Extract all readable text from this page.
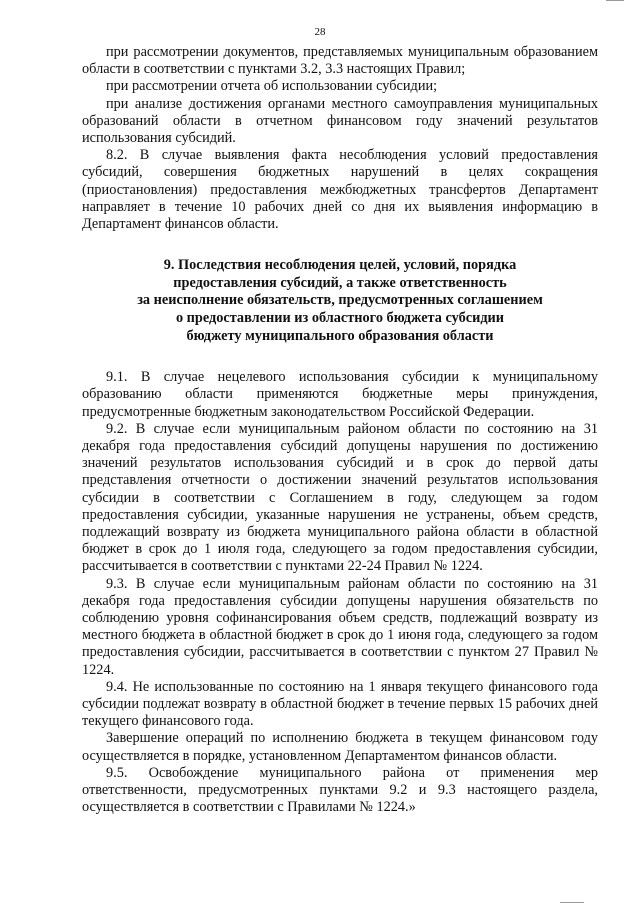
28

при рассмотрении документов, представляемых муниципальным образованием области в соответствии с пунктами 3.2, 3.3 настоящих Правил;

при рассмотрении отчета об использовании субсидии;

при анализе достижения органами местного самоуправления муниципальных образований области в отчетном финансовом году значений результатов использования субсидий.

8.2. В случае выявления факта несоблюдения условий предоставления субсидий, совершения бюджетных нарушений в целях сокращения (приостановления) предоставления межбюджетных трансфертов Департамент направляет в течение 10 рабочих дней со дня их выявления информацию в Департамент финансов области.

9. Последствия несоблюдения целей, условий, порядка
предоставления субсидий, а также ответственность
за неисполнение обязательств, предусмотренных соглашением
о предоставлении из областного бюджета субсидии
бюджету муниципального образования области

9.1. В случае нецелевого использования субсидии к муниципальному образованию области применяются бюджетные меры принуждения, предусмотренные бюджетным законодательством Российской Федерации.

9.2. В случае если муниципальным районом области по состоянию на 31 декабря года предоставления субсидий допущены нарушения по достижению значений результатов использования субсидий и в срок до первой даты представления отчетности о достижении значений результатов использования субсидии в соответствии с Соглашением в году, следующем за годом предоставления субсидии, указанные нарушения не устранены, объем средств, подлежащий возврату из бюджета муниципального района области в областной бюджет в срок до 1 июля года, следующего за годом предоставления субсидии, рассчитывается в соответствии с пунктами 22-24 Правил № 1224.

9.3. В случае если муниципальным районам области по состоянию на 31 декабря года предоставления субсидии допущены нарушения обязательств по соблюдению уровня софинансирования объем средств, подлежащий возврату из местного бюджета в областной бюджет в срок до 1 июня года, следующего за годом предоставления субсидии, рассчитывается в соответствии с пунктом 27 Правил № 1224.

9.4. Не использованные по состоянию на 1 января текущего финансового года субсидии подлежат возврату в областной бюджет в течение первых 15 рабочих дней текущего финансового года.

Завершение операций по исполнению бюджета в текущем финансовом году осуществляется в порядке, установленном Департаментом финансов области.

9.5. Освобождение муниципального района от применения мер ответственности, предусмотренных пунктами 9.2 и 9.3 настоящего раздела, осуществляется в соответствии с Правилами № 1224.»
